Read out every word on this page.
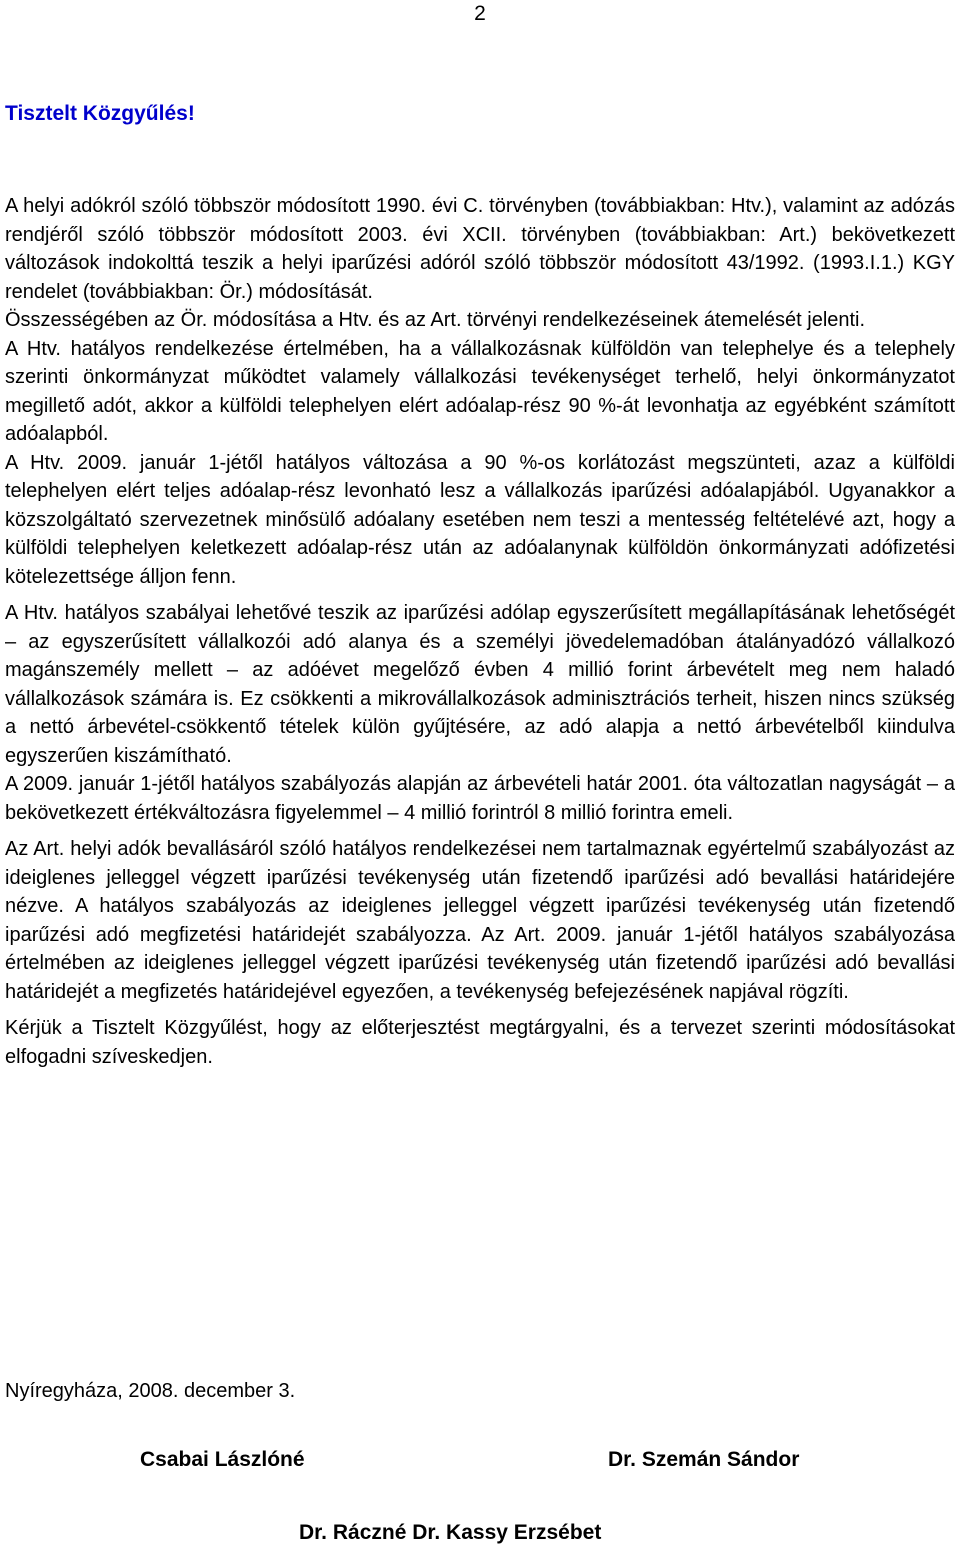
2
Tisztelt Közgyűlés!

A helyi adókról szóló többször módosított 1990. évi C. törvényben (továbbiakban: Htv.), valamint az adózás rendjéről szóló többször módosított 2003. évi XCII. törvényben (továbbiakban: Art.) bekövetkezett változások indokolttá teszik a helyi iparűzési adóról szóló többször módosított 43/1992. (1993.I.1.) KGY rendelet (továbbiakban: Ör.) módosítását.

Összességében az Ör. módosítása a Htv. és az Art. törvényi rendelkezéseinek átemelését jelenti.

A Htv. hatályos rendelkezése értelmében, ha a vállalkozásnak külföldön van telephelye és a telephely szerinti önkormányzat működtet valamely vállalkozási tevékenységet terhelő, helyi önkormányzatot megillető adót, akkor a külföldi telephelyen elért adóalap-rész 90 %-át levonhatja az egyébként számított adóalapból.

A Htv. 2009. január 1-jétől hatályos változása a 90 %-os korlátozást megszünteti, azaz a külföldi telephelyen elért teljes adóalap-rész levonható lesz a vállalkozás iparűzési adóalapjából. Ugyanakkor a közszolgáltató szervezetnek minősülő adóalany esetében nem teszi a mentesség feltételévé azt, hogy a külföldi telephelyen keletkezett adóalap-rész után az adóalanynak külföldön önkormányzati adófizetési kötelezettsége álljon fenn.

A Htv. hatályos szabályai lehetővé teszik az iparűzési adólap egyszerűsített megállapításának lehetőségét – az egyszerűsített vállalkozói adó alanya és a személyi jövedelemadóban átalányadózó vállalkozó magánszemély mellett – az adóévet megelőző évben 4 millió forint árbevételt meg nem haladó vállalkozások számára is. Ez csökkenti a mikrovállalkozások adminisztrációs terheit, hiszen nincs szükség a nettó árbevétel-csökkentő tételek külön gyűjtésére, az adó alapja a nettó árbevételből kiindulva egyszerűen kiszámítható.

A 2009. január 1-jétől hatályos szabályozás alapján az árbevételi határ 2001. óta változatlan nagyságát – a bekövetkezett értékváltozásra figyelemmel – 4 millió forintról 8 millió forintra emeli.

Az Art. helyi adók bevallásáról szóló hatályos rendelkezései nem tartalmaznak egyértelmű szabályozást az ideiglenes jelleggel végzett iparűzési tevékenység után fizetendő iparűzési adó bevallási határidejére nézve. A hatályos szabályozás az ideiglenes jelleggel végzett iparűzési tevékenység után fizetendő iparűzési adó megfizetési határidejét szabályozza. Az Art. 2009. január 1-jétől hatályos szabályozása értelmében az ideiglenes jelleggel végzett iparűzési tevékenység után fizetendő iparűzési adó bevallási határidejét a megfizetés határidejével egyezően, a tevékenység befejezésének napjával rögzíti.

Kérjük a Tisztelt Közgyűlést, hogy az előterjesztést megtárgyalni, és a tervezet szerinti módosításokat elfogadni szíveskedjen.

Nyíregyháza, 2008. december 3.
Csabai Lászlóné	Dr. Szemán Sándor
Dr. Ráczné Dr. Kassy Erzsébet
